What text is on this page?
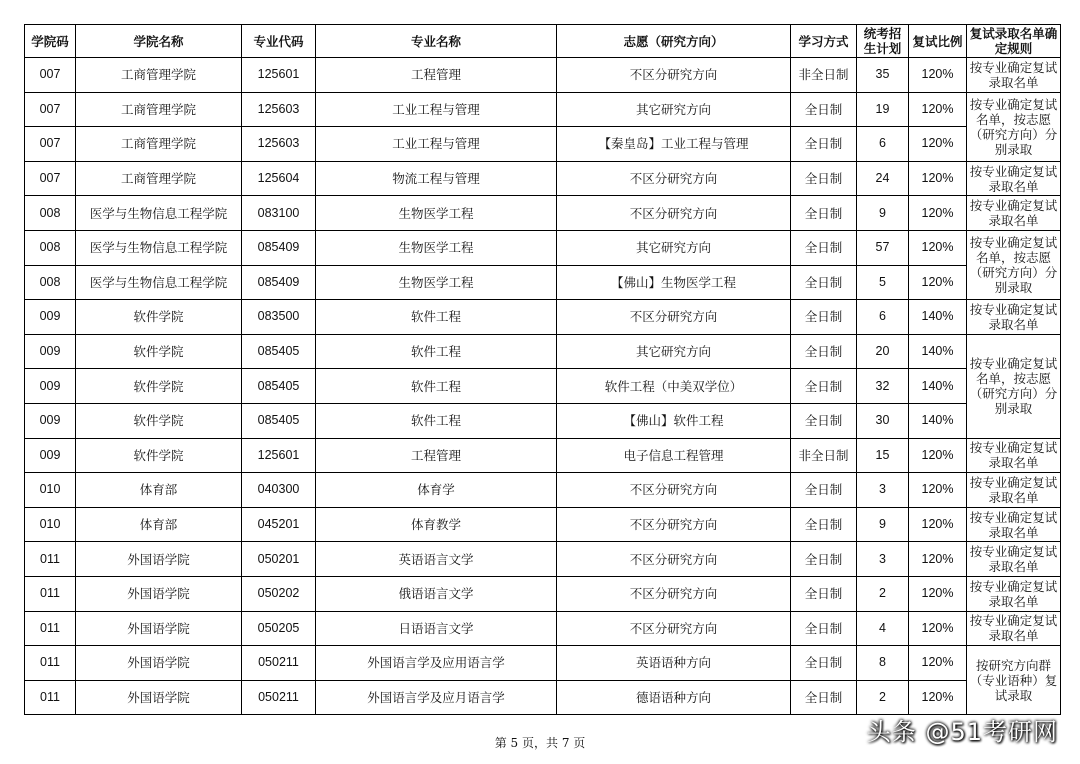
学院码	学院名称	专业代码	专业名称	志愿（研究方向）	学习方式	统考招生计划	复试比例	复试录取名单确定规则
007	工商管理学院	125601	工程管理	不区分研究方向	非全日制	35	120%	按专业确定复试录取名单
007	工商管理学院	125603	工业工程与管理	其它研究方向	全日制	19	120%	按专业确定复试名单，按志愿（研究方向）分别录取
007	工商管理学院	125603	工业工程与管理	【秦皇岛】工业工程与管理	全日制	6	120%	
007	工商管理学院	125604	物流工程与管理	不区分研究方向	全日制	24	120%	按专业确定复试录取名单
008	医学与生物信息工程学院	083100	生物医学工程	不区分研究方向	全日制	9	120%	按专业确定复试录取名单
008	医学与生物信息工程学院	085409	生物医学工程	其它研究方向	全日制	57	120%	按专业确定复试名单，按志愿（研究方向）分别录取
008	医学与生物信息工程学院	085409	生物医学工程	【佛山】生物医学工程	全日制	5	120%	
009	软件学院	083500	软件工程	不区分研究方向	全日制	6	140%	按专业确定复试录取名单
009	软件学院	085405	软件工程	其它研究方向	全日制	20	140%	按专业确定复试名单，按志愿（研究方向）分别录取
009	软件学院	085405	软件工程	软件工程（中美双学位）	全日制	32	140%	
009	软件学院	085405	软件工程	【佛山】软件工程	全日制	30	140%	
009	软件学院	125601	工程管理	电子信息工程管理	非全日制	15	120%	按专业确定复试录取名单
010	体育部	040300	体育学	不区分研究方向	全日制	3	120%	按专业确定复试录取名单
010	体育部	045201	体育教学	不区分研究方向	全日制	9	120%	按专业确定复试录取名单
011	外国语学院	050201	英语语言文学	不区分研究方向	全日制	3	120%	按专业确定复试录取名单
011	外国语学院	050202	俄语语言文学	不区分研究方向	全日制	2	120%	按专业确定复试录取名单
011	外国语学院	050205	日语语言文学	不区分研究方向	全日制	4	120%	按专业确定复试录取名单
011	外国语学院	050211	外国语言学及应用语言学	英语语种方向	全日制	8	120%	按研究方向群（专业语种）复试录取
011	外国语学院	050211	外国语言学及应月语言学	德语语种方向	全日制	2	120%	
第 5 页，共 7 页	头条 @51考研网
